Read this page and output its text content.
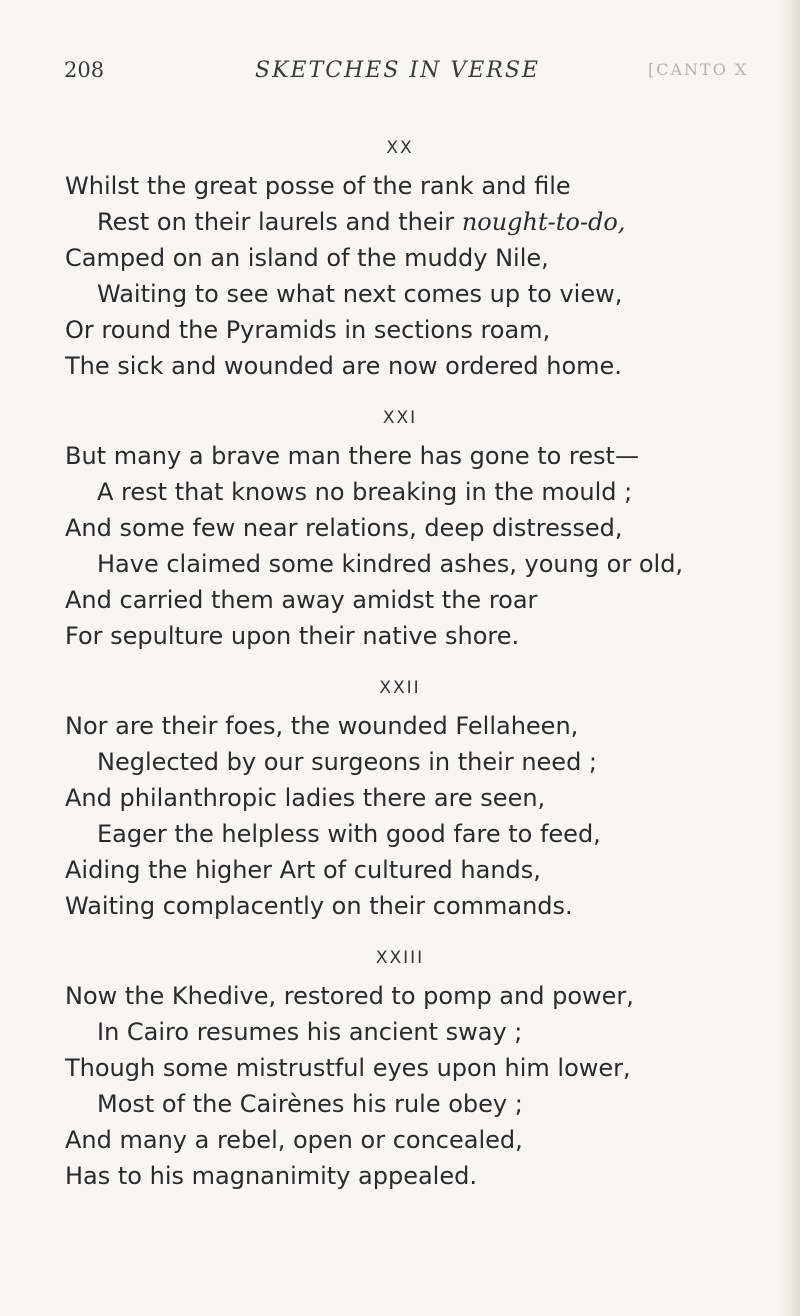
208	SKETCHES IN VERSE	[CANTO X
XX
Whilst the great posse of the rank and file
Rest on their laurels and their nought-to-do,
Camped on an island of the muddy Nile,
Waiting to see what next comes up to view,
Or round the Pyramids in sections roam,
The sick and wounded are now ordered home.
XXI
But many a brave man there has gone to rest—
A rest that knows no breaking in the mould ;
And some few near relations, deep distressed,
Have claimed some kindred ashes, young or old,
And carried them away amidst the roar
For sepulture upon their native shore.
XXII
Nor are their foes, the wounded Fellaheen,
Neglected by our surgeons in their need ;
And philanthropic ladies there are seen,
Eager the helpless with good fare to feed,
Aiding the higher Art of cultured hands,
Waiting complacently on their commands.
XXIII
Now the Khedive, restored to pomp and power,
In Cairo resumes his ancient sway ;
Though some mistrustful eyes upon him lower,
Most of the Cairènes his rule obey ;
And many a rebel, open or concealed,
Has to his magnanimity appealed.
